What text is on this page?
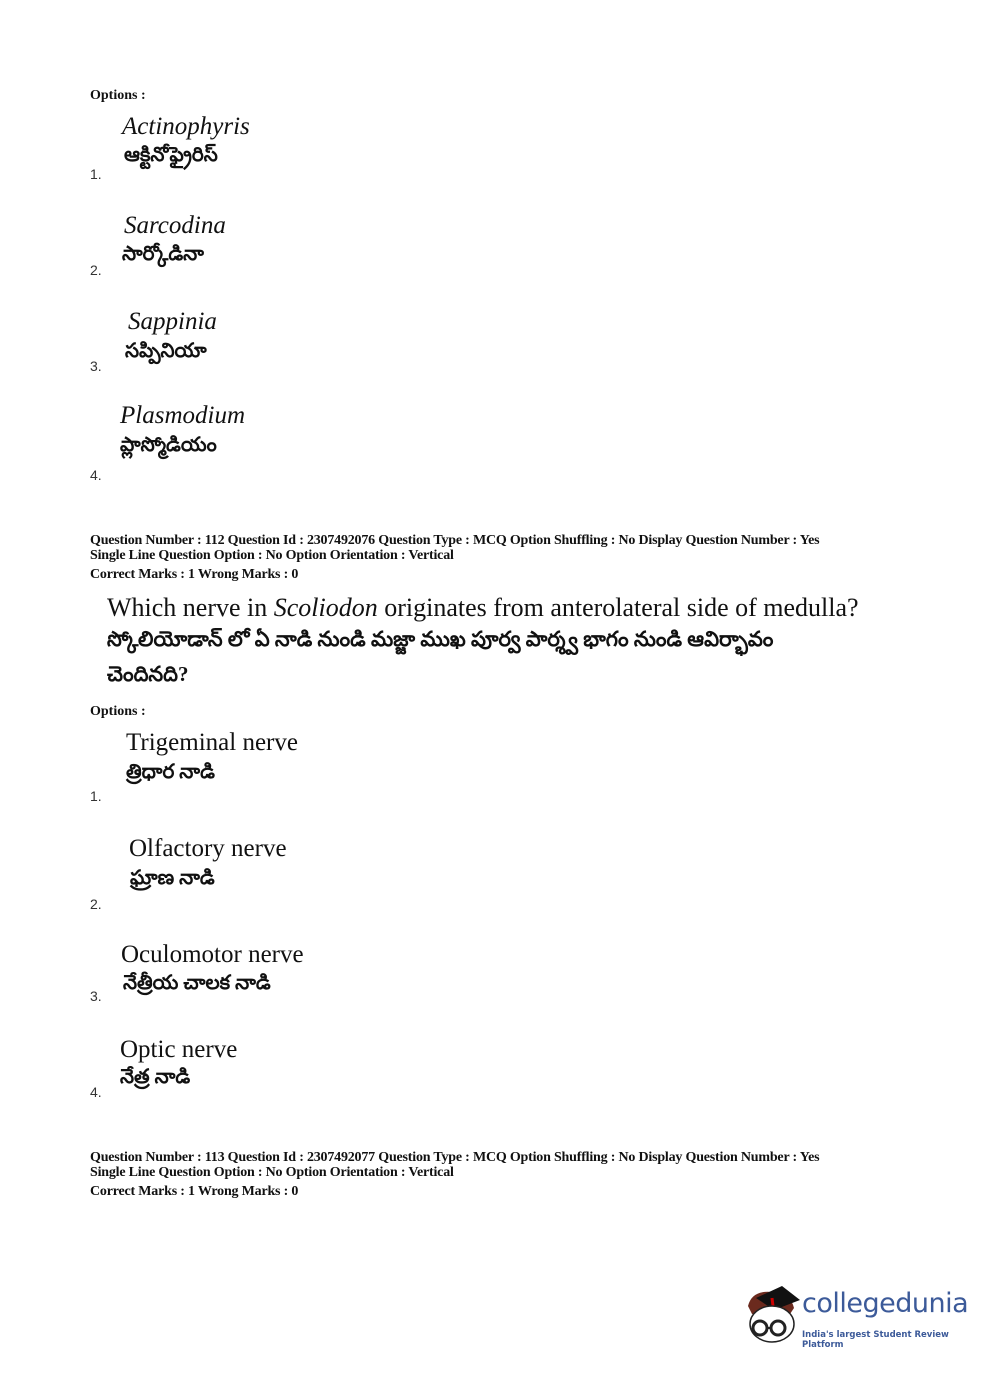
Options :
Actinophyris
ఆక్టినోఫ్రైరిస్
1.
Sarcodina
సార్కోడినా
2.
Sappinia
సప్పినియా
3.
Plasmodium
ప్లాస్మోడియం
4.
Question Number : 112 Question Id : 2307492076 Question Type : MCQ Option Shuffling : No Display Question Number : Yes
Single Line Question Option : No Option Orientation : Vertical
Correct Marks : 1 Wrong Marks : 0
Which nerve in Scoliodon originates from anterolateral side of medulla?
స్కోలియోడాన్ లో ఏ నాడి నుండి మజ్జా ముఖ పూర్వ పార్శ్వ భాగం నుండి ఆవిర్భావం
చెందినది?
Options :
Trigeminal nerve
త్రిధార నాడి
1.
Olfactory nerve
ఘ్రాణ నాడి
2.
Oculomotor nerve
నేత్రీయ చాలక నాడి
3.
Optic nerve
నేత్ర నాడి
4.
Question Number : 113 Question Id : 2307492077 Question Type : MCQ Option Shuffling : No Display Question Number : Yes
Single Line Question Option : No Option Orientation : Vertical
Correct Marks : 1 Wrong Marks : 0
collegedunia
India's largest Student Review Platform
